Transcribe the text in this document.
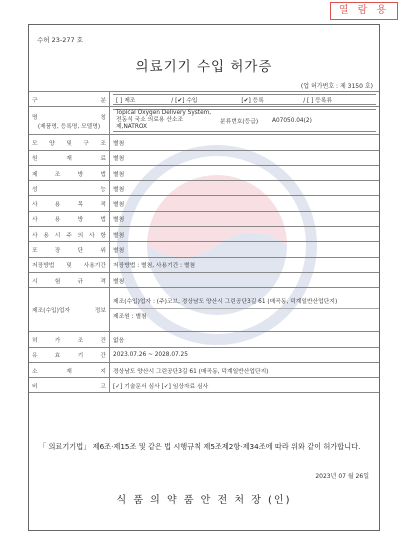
열 람 용
수허 23-277 호
의료기기 수입 허가증
(업 허가번호 : 제 3150 호)
구 분	[ ] 제조	/ [✔] 수입	[✔] 등록	/ [ ] 등록류

명 칭
(제품명, 등록명, 모델명)

Topical Oxygen Delivery System,전동식 국소 의료용 산소조제,NATROX	분류번호(등급)	A07050.04(2)

모 양 및 구 조	별첨
원 재 료	별첨
제 조 방 법	별첨
성 능	별첨
사 용 목 적	별첨
사 용 방 법	별첨
사 용 시 주 의 사 항	별첨
포 장 단 위	별첨
저장방법 및 사용기간	저장방법 : 별첨, 사용기간 : 별첨
시 험 규 격	별첨
제조(수입)업자 정보	
제조(수입)업자 : (주)코브, 경상남도 양산시 그린공단3길 61 (매곡동, 덕계일반산업단지)
제조원 : 별첨

허 가 조 건	없음
유 효 기 간	2023.07.26 ~ 2028.07.25
소 재 지	경상남도 양산시 그린공단3길 61 (매곡동, 덕계일반산업단지)
비 고	[✓] 기술문서 심사 [✓] 임상자료 심사
「 의료기기법」 제6조·제15조 및 같은 법 시행규칙 제5조제2항·제34조에 따라 위와 같이 허가합니다.
2023년 07 월 26일
식 품 의 약 품 안 전 처 장 (인)
